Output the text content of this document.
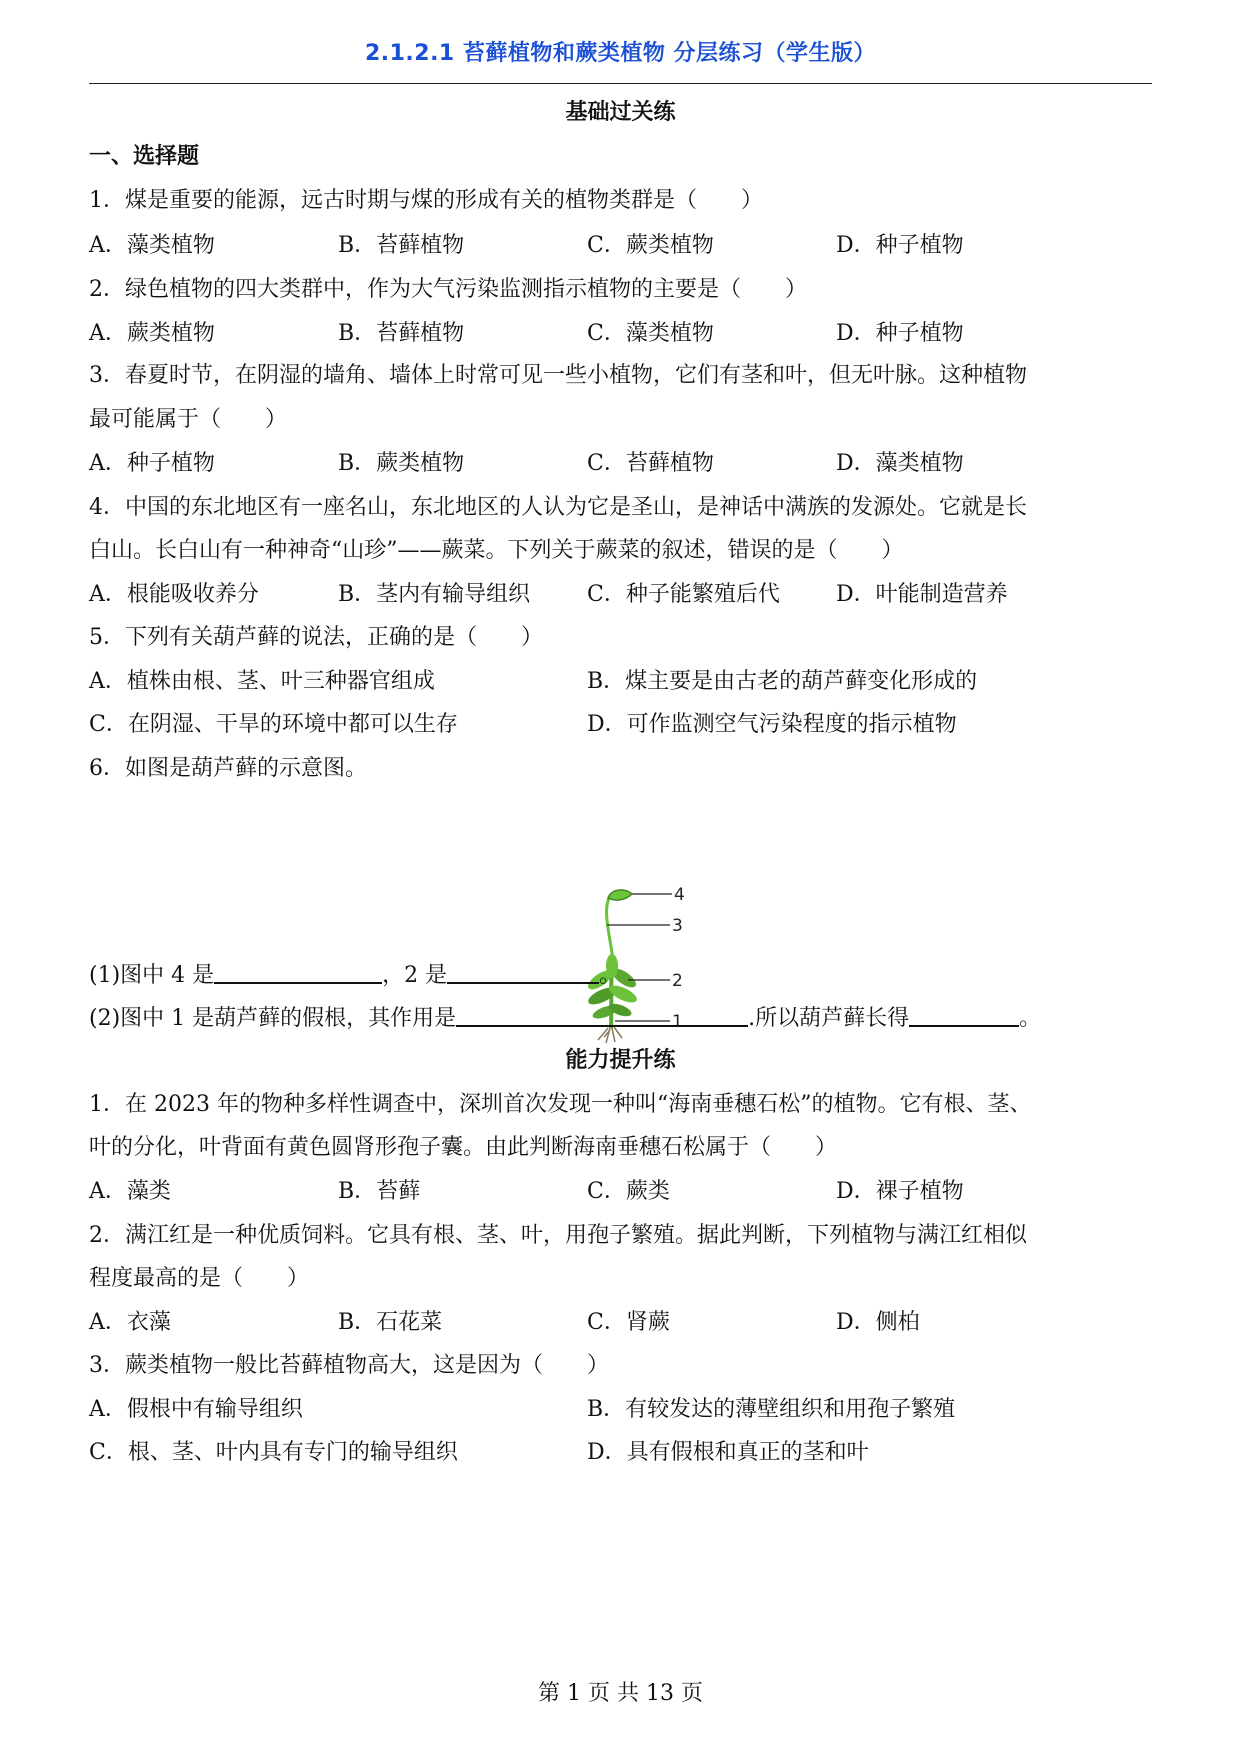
2.1.2.1 苔藓植物和蕨类植物 分层练习（学生版）
基础过关练
一、选择题
1．煤是重要的能源，远古时期与煤的形成有关的植物类群是（　　）
A．藻类植物	B．苔藓植物	C．蕨类植物	D．种子植物
2．绿色植物的四大类群中，作为大气污染监测指示植物的主要是（　　）
A．蕨类植物	B．苔藓植物	C．藻类植物	D．种子植物
3．春夏时节，在阴湿的墙角、墙体上时常可见一些小植物，它们有茎和叶，但无叶脉。这种植物
最可能属于（　　）
A．种子植物	B．蕨类植物	C．苔藓植物	D．藻类植物
4．中国的东北地区有一座名山，东北地区的人认为它是圣山，是神话中满族的发源处。它就是长
白山。长白山有一种神奇“山珍”——蕨菜。下列关于蕨菜的叙述，错误的是（　　）
A．根能吸收养分	B．茎内有输导组织	C．种子能繁殖后代	D．叶能制造营养
5．下列有关葫芦藓的说法，正确的是（　　）
A．植株由根、茎、叶三种器官组成	B．煤主要是由古老的葫芦藓变化形成的
C．在阴湿、干旱的环境中都可以生存	D．可作监测空气污染程度的指示植物
6．如图是葫芦藓的示意图。
4
3
2
1
(1)图中 4 是	，2 是	。
(2)图中 1 是葫芦藓的假根，其作用是	.所以葫芦藓长得	。
能力提升练
1．在 2023 年的物种多样性调查中，深圳首次发现一种叫“海南垂穗石松”的植物。它有根、茎、
叶的分化，叶背面有黄色圆肾形孢子囊。由此判断海南垂穗石松属于（　　）
A．藻类	B．苔藓	C．蕨类	D．裸子植物
2．满江红是一种优质饲料。它具有根、茎、叶，用孢子繁殖。据此判断，下列植物与满江红相似
程度最高的是（　　）
A．衣藻	B．石花菜	C．肾蕨	D．侧柏
3．蕨类植物一般比苔藓植物高大，这是因为（　　）
A．假根中有输导组织	B．有较发达的薄壁组织和用孢子繁殖
C．根、茎、叶内具有专门的输导组织	D．具有假根和真正的茎和叶
第 1 页 共 13 页
